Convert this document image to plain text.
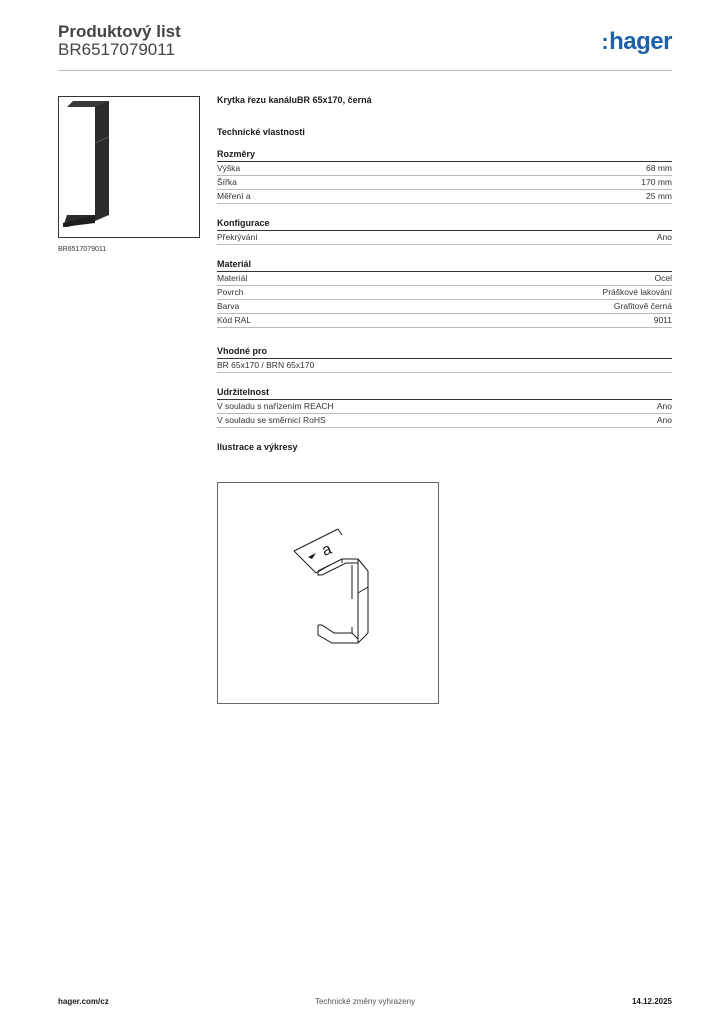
Produktový list
BR6517079011	:hager
BR6517079011
Krytka řezu kanáluBR 65x170, černá
Technické vlastnosti
Rozměry
Výška	68 mm
Šířka	170 mm
Měření a	25 mm
Konfigurace
Překrývání	Ano
Materiál
Materiál	Ocel
Povrch	Práškové lakování
Barva	Grafitově černá
Kód RAL	9011
Vhodné pro
BR 65x170 / BRN 65x170
Udržitelnost
V souladu s nařízením REACH	Ano
V souladu se směrnicí RoHS	Ano
Ilustrace a výkresy
a
hager.com/cz	Technické změny vyhrazeny	14.12.2025
